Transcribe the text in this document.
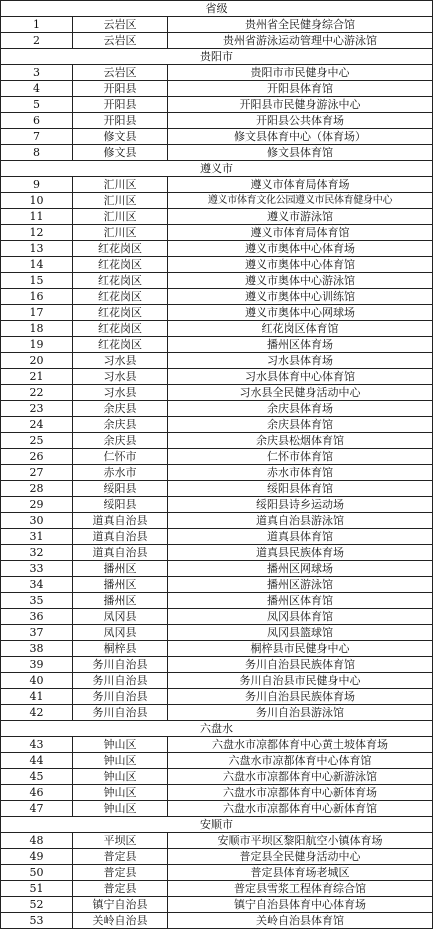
省级		
1	云岩区	贵州省全民健身综合馆
2	云岩区	贵州省游泳运动管理中心游泳馆
贵阳市		
3	云岩区	贵阳市市民健身中心
4	开阳县	开阳县体育馆
5	开阳县	开阳县市民健身游泳中心
6	开阳县	开阳县公共体育场
7	修文县	修文县体育中心（体育场）
8	修文县	修文县体育馆
遵义市		
9	汇川区	遵义市体育局体育场
10	汇川区	遵义市体育文化公园遵义市民体育健身中心
11	汇川区	遵义市游泳馆
12	汇川区	遵义市体育局体育馆
13	红花岗区	遵义市奥体中心体育场
14	红花岗区	遵义市奥体中心体育馆
15	红花岗区	遵义市奥体中心游泳馆
16	红花岗区	遵义市奥体中心训练馆
17	红花岗区	遵义市奥体中心网球场
18	红花岗区	红花岗区体育馆
19	红花岗区	播州区体育场
20	习水县	习水县体育场
21	习水县	习水县体育中心体育馆
22	习水县	习水县全民健身活动中心
23	余庆县	余庆县体育场
24	余庆县	余庆县体育馆
25	余庆县	余庆县松烟体育馆
26	仁怀市	仁怀市体育馆
27	赤水市	赤水市体育馆
28	绥阳县	绥阳县体育馆
29	绥阳县	绥阳县诗乡运动场
30	道真自治县	道真自治县游泳馆
31	道真自治县	道真县体育馆
32	道真自治县	道真县民族体育场
33	播州区	播州区网球场
34	播州区	播州区游泳馆
35	播州区	播州区体育馆
36	凤冈县	凤冈县体育馆
37	凤冈县	凤冈县篮球馆
38	桐梓县	桐梓县市民健身中心
39	务川自治县	务川自治县民族体育馆
40	务川自治县	务川自治县市民健身中心
41	务川自治县	务川自治县民族体育场
42	务川自治县	务川自治县游泳馆
六盘水		
43	钟山区	六盘水市凉都体育中心黄土坡体育场
44	钟山区	六盘水市凉都体育中心体育馆
45	钟山区	六盘水市凉都体育中心新游泳馆
46	钟山区	六盘水市凉都体育中心新体育场
47	钟山区	六盘水市凉都体育中心新体育馆
安顺市		
48	平坝区	安顺市平坝区黎阳航空小镇体育场
49	普定县	普定县全民健身活动中心
50	普定县	普定县体育场老城区
51	普定县	普定县雪浆工程体育综合馆
52	镇宁自治县	镇宁自治县体育中心体育场
53	关岭自治县	关岭自治县体育馆
